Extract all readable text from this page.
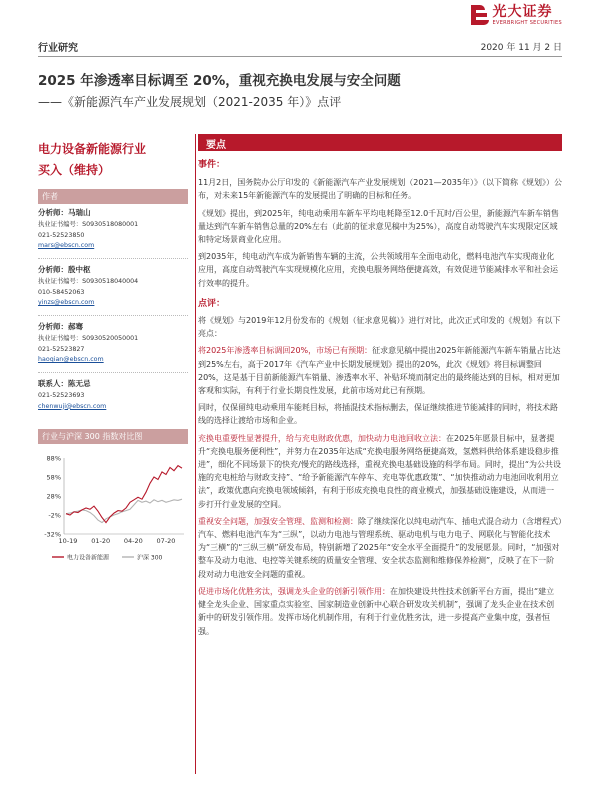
光大证券
EVERBRIGHT SECURITIES
行业研究	2020 年 11 月 2 日
2025 年渗透率目标调至 20%，重视充换电发展与安全问题
——《新能源汽车产业发展规划（2021-2035 年）》点评
电力设备新能源行业
买入（维持）
作者
分析师：马瑞山
执业证书编号：S0930518080001
021-52523850
mars@ebscn.com
分析师：殷中枢
执业证书编号：S0930518040004
010-58452063
yinzs@ebscn.com
分析师：郝骞
执业证书编号：S0930520050001
021-52523827
haoqian@ebscn.com
联系人：陈无忌
021-52523693
chenwuji@ebscn.com
行业与沪深 300 指数对比图
88%
58%
28%
-2%
-32%
10-19 01-20 04-20 07-20
电力设备新能源	沪深 300
要点

事件：

11月2日，国务院办公厅印发的《新能源汽车产业发展规划（2021—2035年）》（以下简称《规划》）公布，对未来15年新能源汽车的发展提出了明确的目标和任务。

《规划》提出，到2025年，纯电动乘用车新车平均电耗降至12.0千瓦时/百公里，新能源汽车新车销售量达到汽车新车销售总量的20%左右（此前的征求意见稿中为25%），高度自动驾驶汽车实现限定区域和特定场景商业化应用。

到2035年，纯电动汽车成为新销售车辆的主流，公共领域用车全面电动化，燃料电池汽车实现商业化应用，高度自动驾驶汽车实现规模化应用，充换电服务网络便捷高效，有效促进节能减排水平和社会运行效率的提升。

点评：

将《规划》与2019年12月份发布的《规划（征求意见稿）》进行对比，此次正式印发的《规划》有以下亮点：

将2025年渗透率目标调回20%，市场已有预期：征求意见稿中提出2025年新能源汽车新车销量占比达到25%左右，高于2017年《汽车产业中长期发展规划》提出的20%，此次《规划》将目标调整回20%，这是基于目前新能源汽车销量、渗透率水平、补贴环境而制定出的最终能达到的目标，相对更加客观和实际，有利于行业长期良性发展，此前市场对此已有预期。

同时，仅保留纯电动乘用车能耗目标，将插混技术指标删去，保证继续推进节能减排的同时，将技术路线的选择让渡给市场和企业。

充换电重要性显著提升，给与充电财政优惠，加快动力电池回收立法：在2025年愿景目标中，显著提升“充换电服务便利性”，并努力在2035年达成“充换电服务网络便捷高效，氢燃料供给体系建设稳步推进”，细化不同场景下的快充/慢充的路线选择，重视充换电基础设施的科学布局。同时，提出“为公共设施的充电桩给与财政支持”、“给予新能源汽车停车、充电等优惠政策”、“加快推动动力电池回收利用立法”，政策优惠向充换电领域倾斜，有利于形成充换电良性的商业模式，加强基础设施建设，从而进一步打开行业发展的空间。

重视安全问题，加强安全管理、监测和检测：除了继续深化以纯电动汽车、插电式混合动力（含增程式）汽车、燃料电池汽车为“三纵”，以动力电池与管理系统、驱动电机与电力电子、网联化与智能化技术为“三横”的“三纵三横”研发布局，特别新增了2025年“安全水平全面提升”的发展愿景。同时，“加强对整车及动力电池、电控等关键系统的质量安全管理、安全状态监测和维修保养检测”，反映了在下一阶段对动力电池安全问题的重视。

促进市场化优胜劣汰，强调龙头企业的创新引领作用：在加快建设共性技术创新平台方面，提出“建立健全龙头企业、国家重点实验室、国家制造业创新中心联合研发攻关机制”，强调了龙头企业在技术创新中的研发引领作用。发挥市场化机制作用，有利于行业优胜劣汰，进一步提高产业集中度，强者恒强。
